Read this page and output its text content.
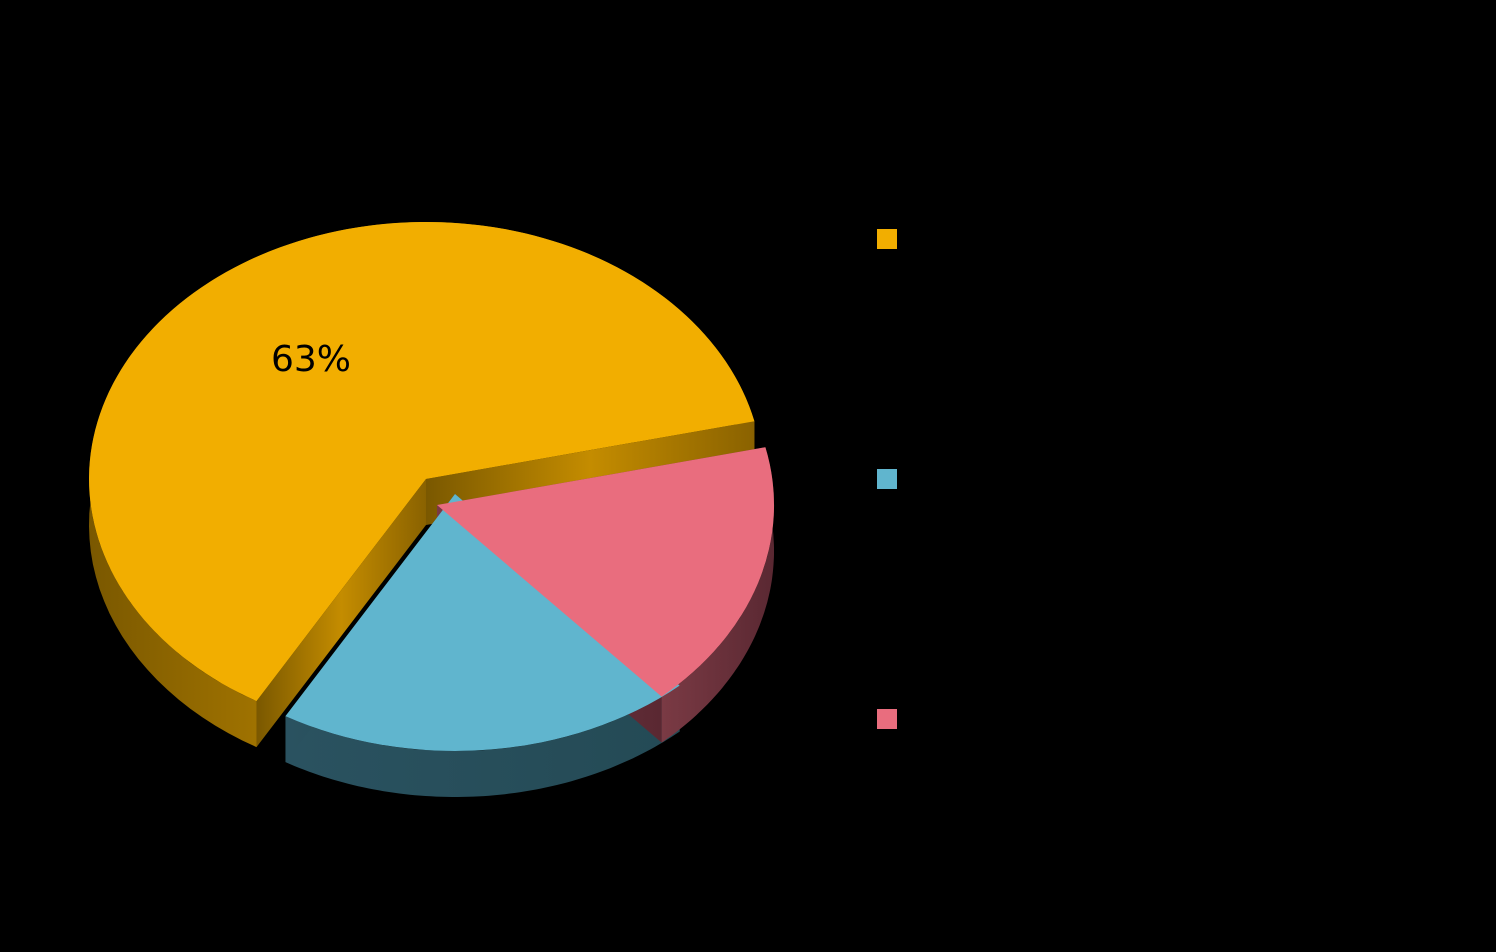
63%
